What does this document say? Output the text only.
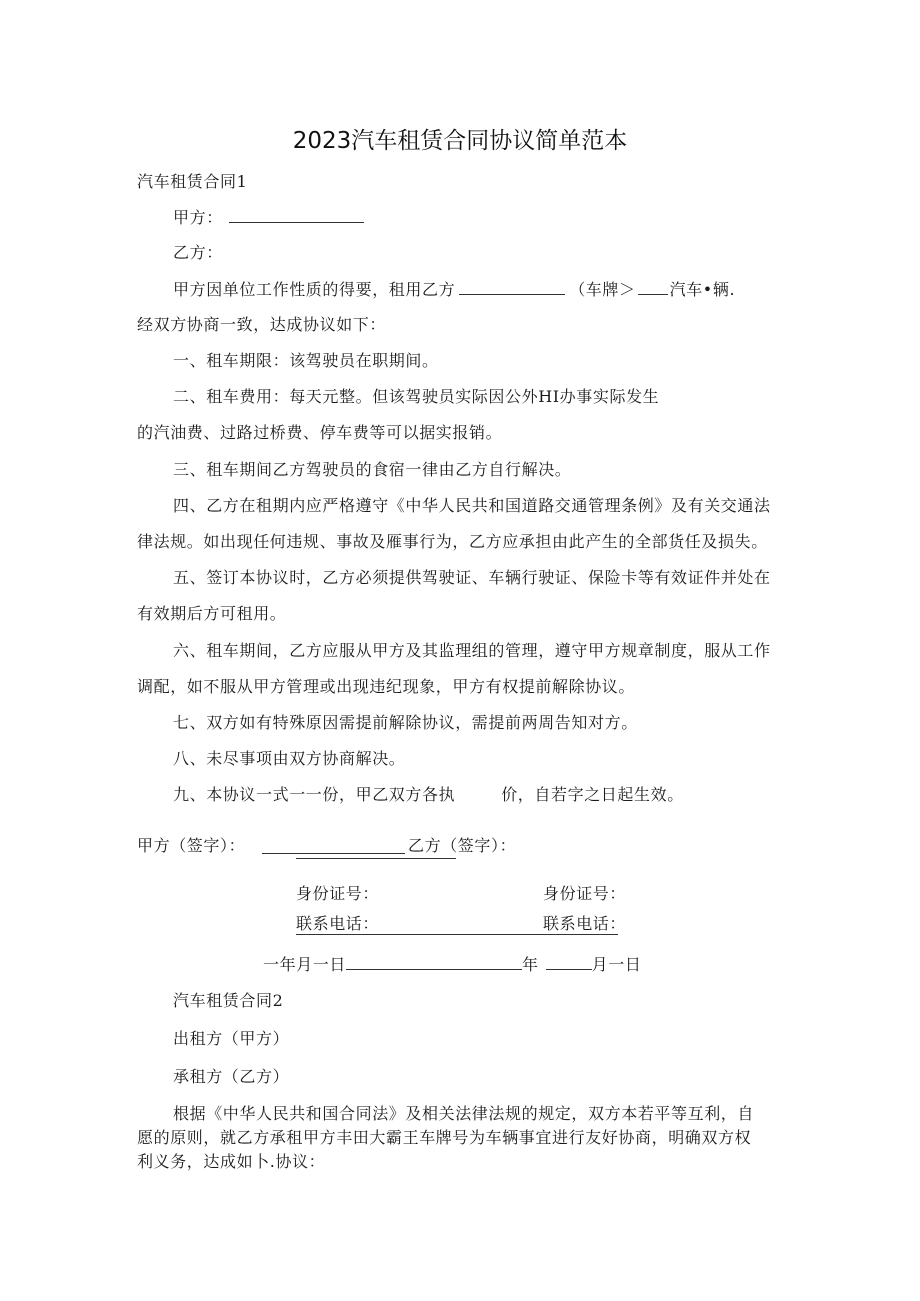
2023汽车租赁合同协议简单范本
汽车租赁合同1
甲方：
乙方：
甲方因单位工作性质的得要，租用乙方	（车牌＞ 汽车•辆.
经双方协商一致，达成协议如下：
一、租车期限：该驾驶员在职期间。
二、租车费用：每天元整。但该驾驶员实际因公外HI办事实际发生
的汽油费、过路过桥费、停车费等可以据实报销。
三、租车期间乙方驾驶员的食宿一律由乙方自行解决。
四、乙方在租期内应严格遵守《中华人民共和国道路交通管理条例》及有关交通法
律法规。如出现任何违规、事故及雁事行为，乙方应承担由此产生的全部货任及损失。
五、签订本协议时，乙方必须提供驾驶证、车辆行驶证、保险卡等有效证件并处在
有效期后方可租用。
六、租车期间，乙方应服从甲方及其监理组的管理，遵守甲方规章制度，服从工作
调配，如不服从甲方管理或出现违纪现象，甲方有权提前解除协议。
七、双方如有特殊原因需提前解除协议，需提前两周告知对方。
八、未尽事项由双方协商解决。
九、本协议一式一一份，甲乙双方各执	价，自若字之日起生效。
甲方（签字）：	乙方（签字）：
身份证号：	身份证号：
联系电话：	联系电话：
一年月一日	年	月一日
汽车租赁合同2
出租方（甲方）
承租方（乙方）
根据《中华人民共和国合同法》及相关法律法规的规定，双方本若平等互利，自
愿的原则，就乙方承租甲方丰田大霸王车牌号为车辆事宜进行友好协商，明确双方权
利义务，达成如卜.协议：
